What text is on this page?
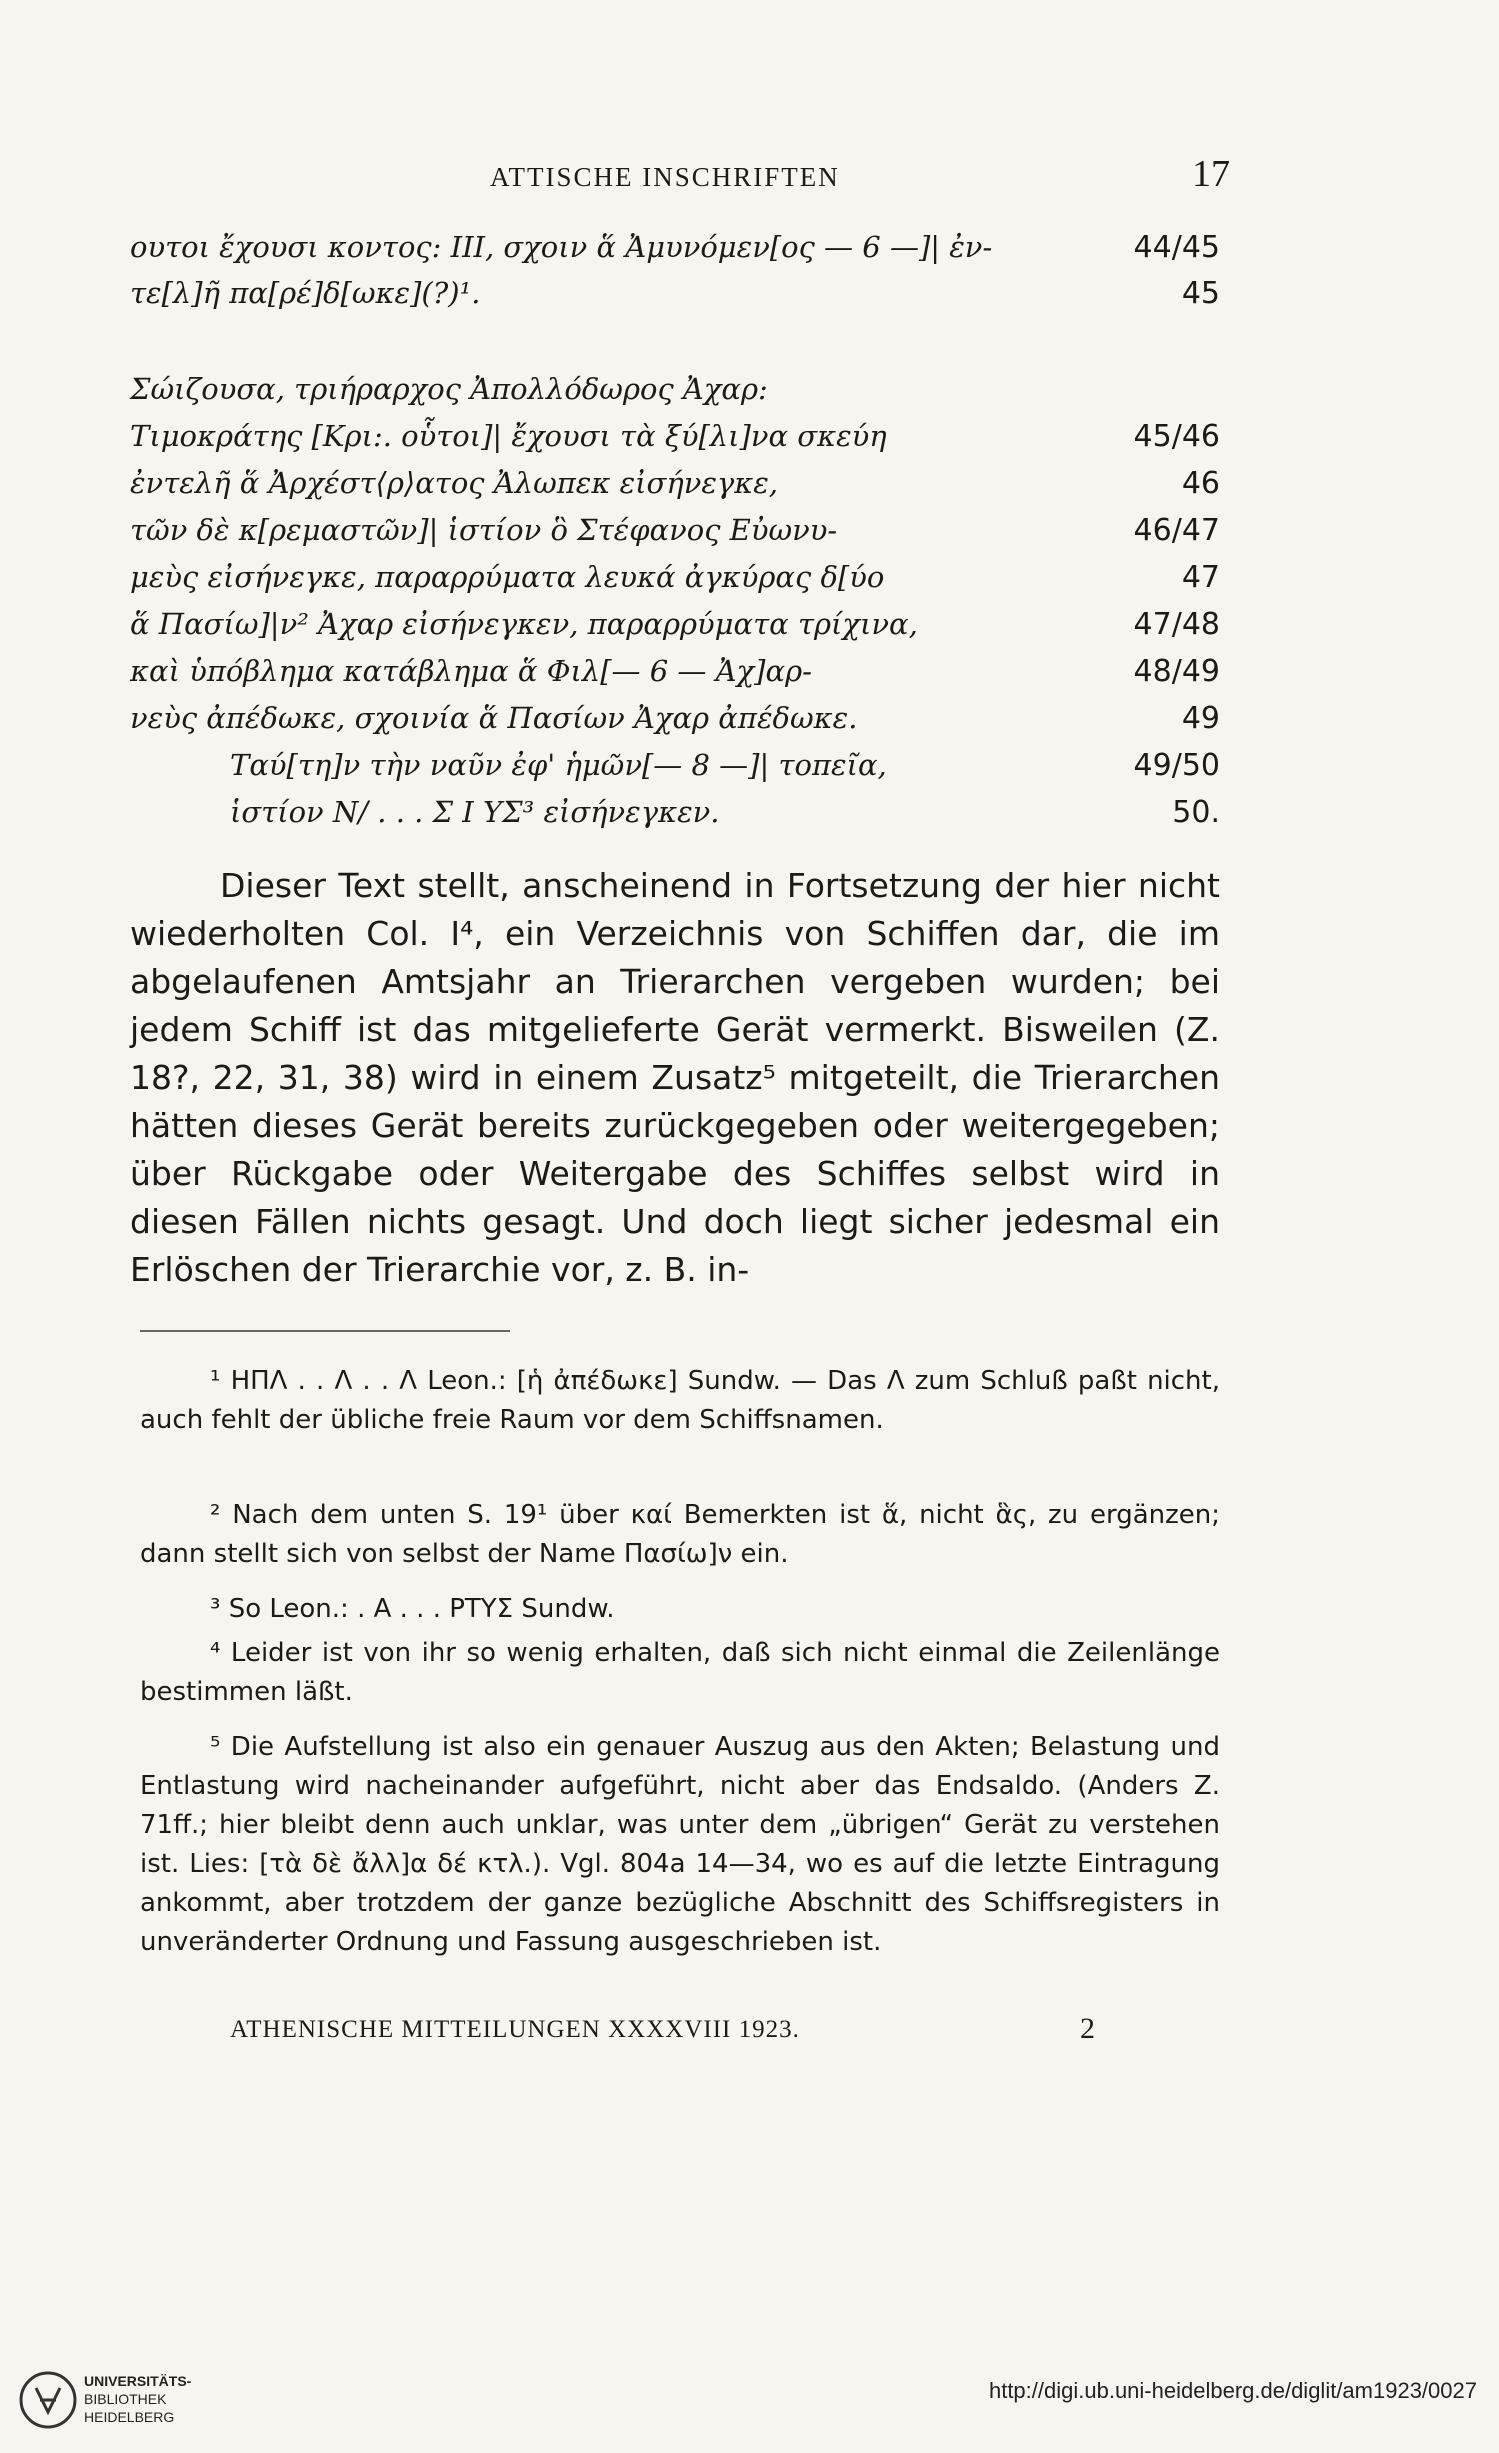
ATTISCHE INSCHRIFTEN	17
ουτοι ἔχουσι κοντος: ΙΙΙ, σχοιν ἅ Ἀμυνόμεν[ος — 6 —]| ἐν-	44/45
τε[λ]ῆ πα[ρέ]δ[ωκε](?)¹.	45
Σώιζουσα, τριήραρχος Ἀπολλόδωρος Ἀχαρ:
Τιμοκράτης [Κρι:. οὗτοι]| ἔχουσι τὰ ξύ[λι]να σκεύη	45/46
ἐντελῆ ἅ Ἀρχέστ⟨ρ⟩ατος Ἀλωπεκ εἰσήνεγκε,	46
τῶν δὲ κ[ρεμαστῶν]| ἱστίον ὃ Στέφανος Εὐωνυ-	46/47
μεὺς εἰσήνεγκε, παραρρύματα λευκά ἀγκύρας δ[ύο	47
ἅ Πασίω]|ν² Ἀχαρ εἰσήνεγκεν, παραρρύματα τρίχινα,	47/48
καὶ ὑπόβλημα κατάβλημα ἅ Φιλ[— 6 — Ἀχ]αρ-	48/49
νεὺς ἀπέδωκε, σχοινία ἅ Πασίων Ἀχαρ ἀπέδωκε.	49
Ταύ[τη]ν τὴν ναῦν ἐφ' ἡμῶν[— 8 —]| τοπεῖα,	49/50
ἱστίον Ν/ . . . Σ Ι ΥΣ³ εἰσήνεγκεν.	50.

Dieser Text stellt, anscheinend in Fortsetzung der hier nicht wiederholten Col. I⁴, ein Verzeichnis von Schiffen dar, die im abgelaufenen Amtsjahr an Trierarchen vergeben wurden; bei jedem Schiff ist das mitgelieferte Gerät vermerkt. Bisweilen (Z. 18?, 22, 31, 38) wird in einem Zusatz⁵ mitgeteilt, die Trierarchen hätten dieses Gerät bereits zurückgegeben oder weitergegeben; über Rückgabe oder Weitergabe des Schiffes selbst wird in diesen Fällen nichts gesagt. Und doch liegt sicher jedesmal ein Erlöschen der Trierarchie vor, z. B. in-

¹ ΗΠΛ . . Λ . . Λ Leon.: [ἡ ἀπέδωκε] Sundw. — Das Λ zum Schluß paßt nicht, auch fehlt der übliche freie Raum vor dem Schiffsnamen.

² Nach dem unten S. 19¹ über καί Bemerkten ist ἅ, nicht ἃς, zu ergänzen; dann stellt sich von selbst der Name Πασίω]ν ein.

³ So Leon.: . Α . . . ΡΤΥΣ Sundw.

⁴ Leider ist von ihr so wenig erhalten, daß sich nicht einmal die Zeilenlänge bestimmen läßt.

⁵ Die Aufstellung ist also ein genauer Auszug aus den Akten; Belastung und Entlastung wird nacheinander aufgeführt, nicht aber das Endsaldo. (Anders Z. 71ff.; hier bleibt denn auch unklar, was unter dem „übrigen“ Gerät zu verstehen ist. Lies: [τὰ δὲ ἄλλ]α δέ κτλ.). Vgl. 804a 14—34, wo es auf die letzte Eintragung ankommt, aber trotzdem der ganze bezügliche Abschnitt des Schiffsregisters in unveränderter Ordnung und Fassung ausgeschrieben ist.

ATHENISCHE MITTEILUNGEN XXXXVIII 1923.	2
UNIVERSITÄTS-
BIBLIOTHEK
HEIDELBERG
http://digi.ub.uni-heidelberg.de/diglit/am1923/0027
